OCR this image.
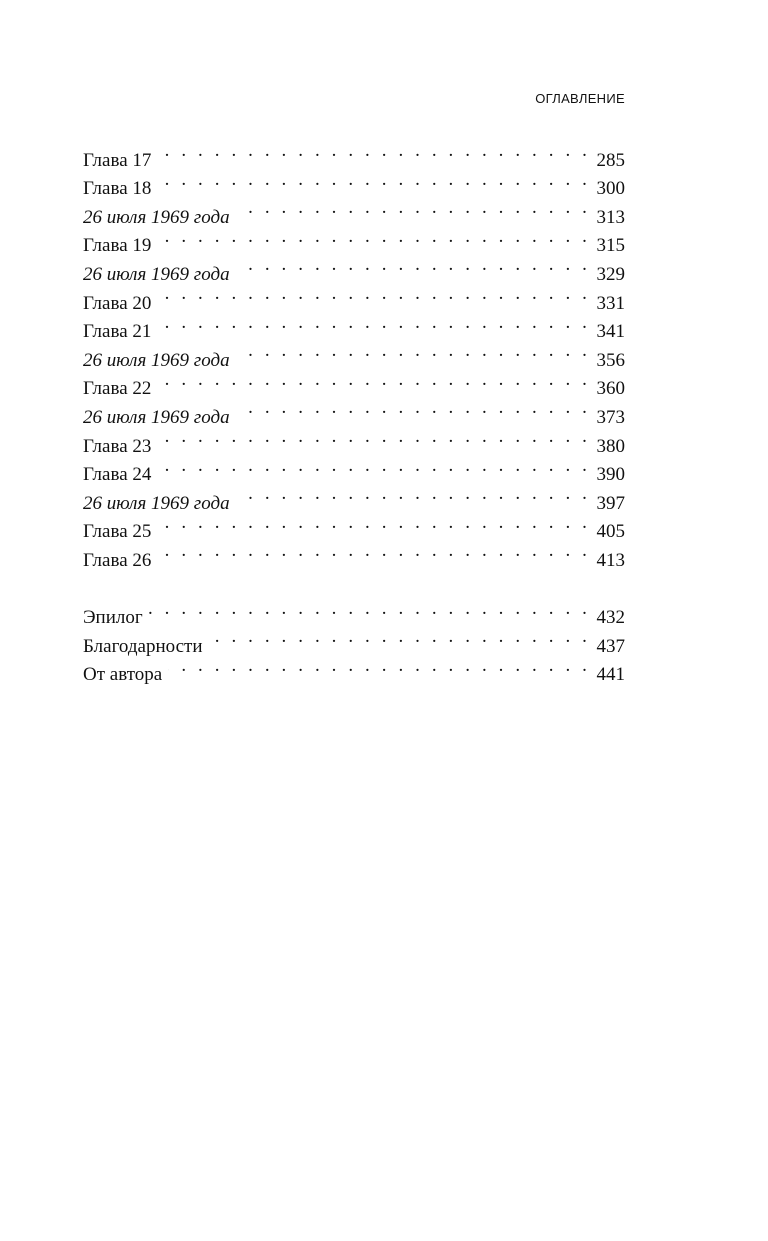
ОГЛАВЛЕНИЕ
Глава 17 . . .	285
Глава 18 . . .	300
26 июля 1969 года . . .	313
Глава 19 . . .	315
26 июля 1969 года . . .	329
Глава 20 . . .	331
Глава 21 . . .	341
26 июля 1969 года . . .	356
Глава 22 . . .	360
26 июля 1969 года . . .	373
Глава 23 . . .	380
Глава 24 . . .	390
26 июля 1969 года . . .	397
Глава 25 . . .	405
Глава 26 . . .	413
Эпилог . . .	432
Благодарности . . .	437
От автора . . .	441
